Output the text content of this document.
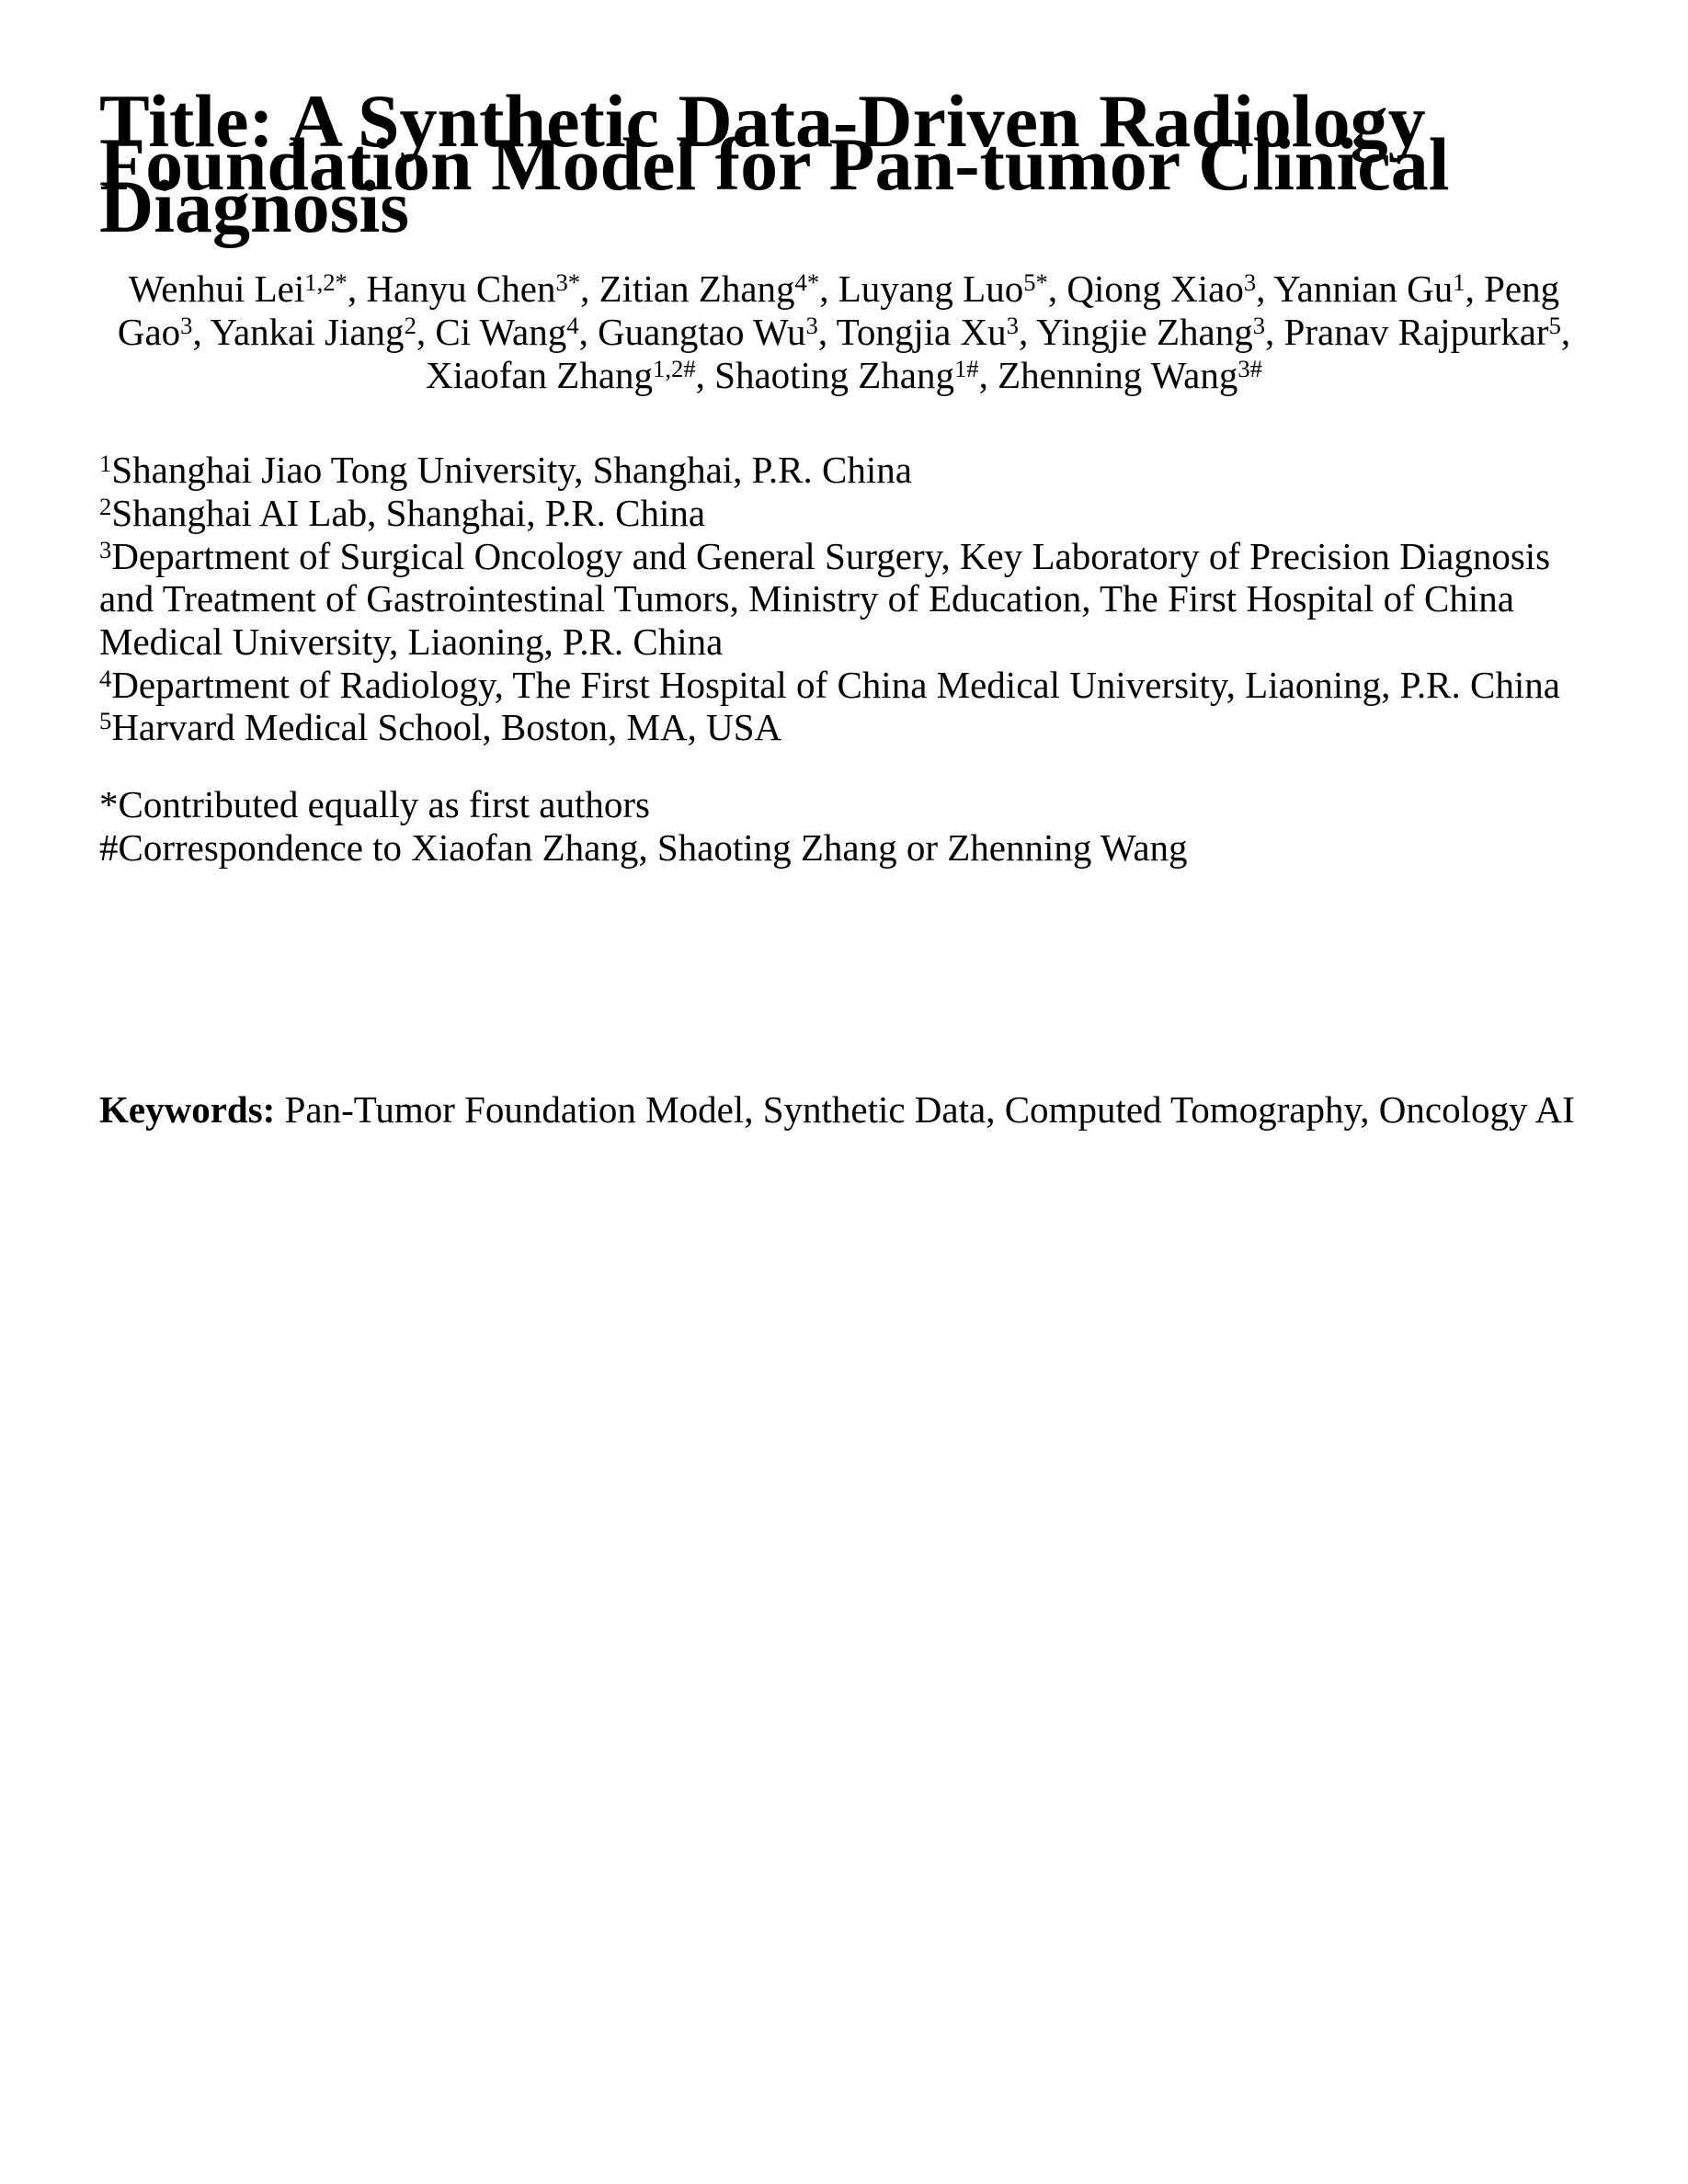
Title: A Synthetic Data-Driven Radiology Foundation Model for Pan-tumor Clinical Diagnosis

Wenhui Lei$^{1,2*}$, Hanyu Chen$^{3*}$, Zitian Zhang$^{4*}$, Luyang Luo$^{5*}$, Qiong Xiao$^3$, Yannian Gu$^1$, Peng Gao$^3$, Yankai Jiang$^2$, Ci Wang$^4$, Guangtao Wu$^3$, Tongjia Xu$^3$, Yingjie Zhang$^3$, Pranav Rajpurkar$^5$, Xiaofan Zhang$^{1,2\#}$, Shaoting Zhang$^{1\#}$, Zhenning Wang$^{3\#}$

$^1$Shanghai Jiao Tong University, Shanghai, P.R. China
$^2$Shanghai AI Lab, Shanghai, P.R. China
$^3$Department of Surgical Oncology and General Surgery, Key Laboratory of Precision Diagnosis and Treatment of Gastrointestinal Tumors, Ministry of Education, The First Hospital of China Medical University, Liaoning, P.R. China
$^4$Department of Radiology, The First Hospital of China Medical University, Liaoning, P.R. China
$^5$Harvard Medical School, Boston, MA, USA
*Contributed equally as first authors
#Correspondence to Xiaofan Zhang, Shaoting Zhang or Zhenning Wang

Keywords: Pan-Tumor Foundation Model, Synthetic Data, Computed Tomography, Oncology AI
